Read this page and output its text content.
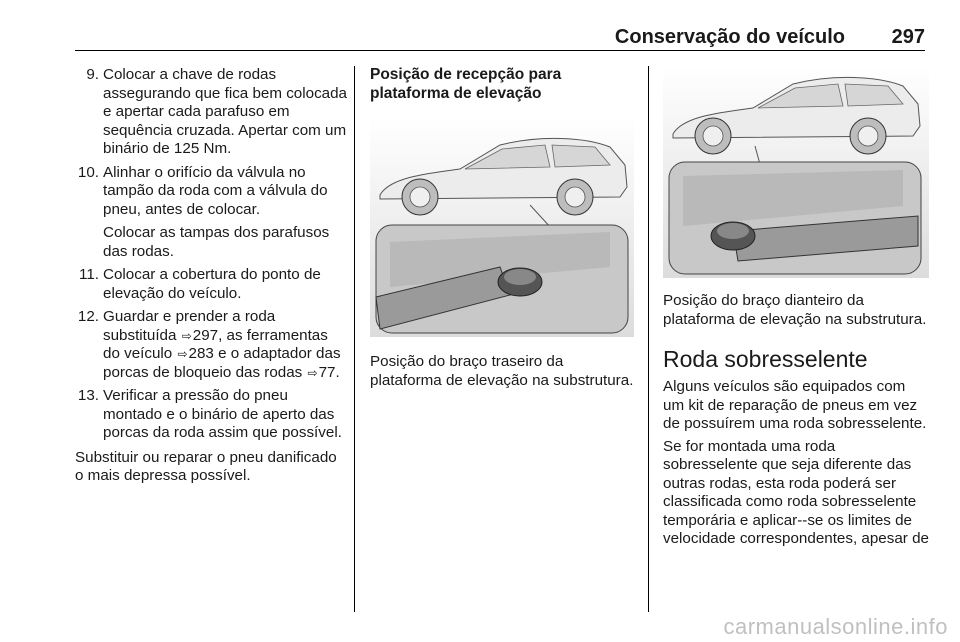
Conservação do veículo 297
9. Colocar a chave de rodas assegurando que fica bem colocada e apertar cada parafuso em sequência cruzada. Apertar com um binário de 125 Nm.
10. Alinhar o orifício da válvula no tampão da roda com a válvula do pneu, antes de colocar.
Colocar as tampas dos parafusos das rodas.
11. Colocar a cobertura do ponto de elevação do veículo.
12. Guardar e prender a roda substituída ⇨297, as ferramentas do veículo ⇨283 e o adaptador das porcas de bloqueio das rodas ⇨77.
13. Verificar a pressão do pneu montado e o binário de aperto das porcas da roda assim que possível.

Substituir ou reparar o pneu danificado o mais depressa possível.

Posição de recepção para plataforma de elevação

Posição do braço traseiro da plataforma de elevação na substrutura.

Posição do braço dianteiro da plataforma de elevação na substrutura.

Roda sobresselente

Alguns veículos são equipados com um kit de reparação de pneus em vez de possuírem uma roda sobresselente.

Se for montada uma roda sobresselente que seja diferente das outras rodas, esta roda poderá ser classificada como roda sobresselente temporária e aplicar--se os limites de velocidade correspondentes, apesar de

carmanualsonline.info
